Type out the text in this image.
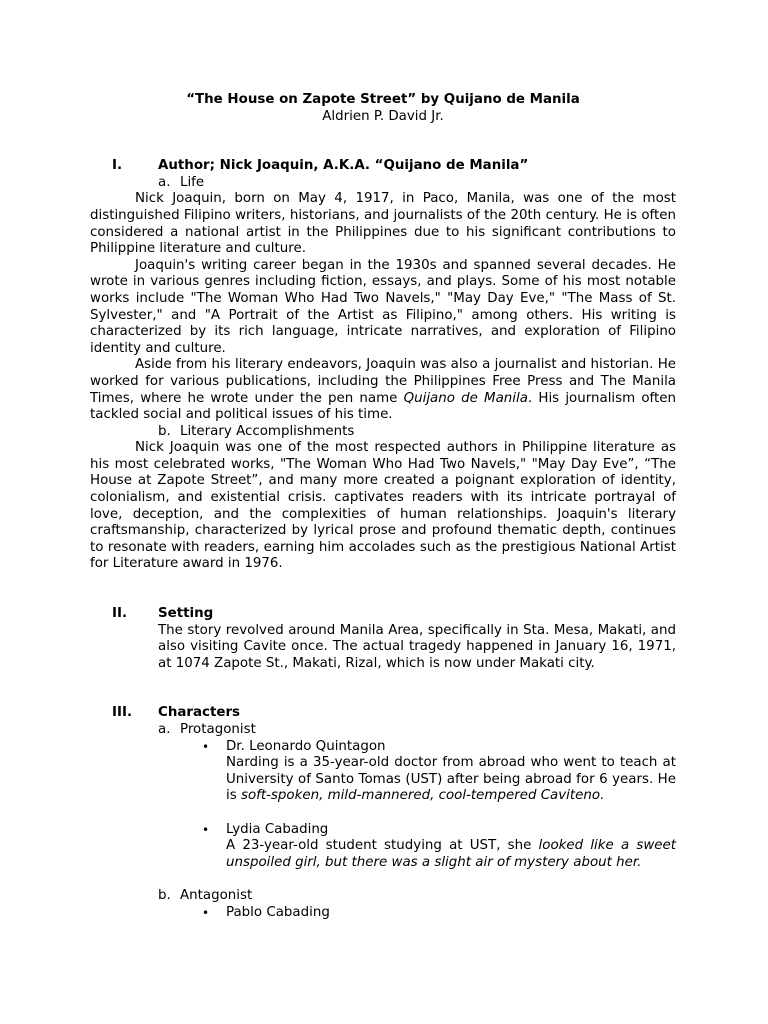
“The House on Zapote Street” by Quijano de Manila
Aldrien P. David Jr.
I.	Author; Nick Joaquin, A.K.A. “Quijano de Manila”
a. Life

Nick Joaquin, born on May 4, 1917, in Paco, Manila, was one of the most distinguished Filipino writers, historians, and journalists of the 20th century. He is often considered a national artist in the Philippines due to his significant contributions to Philippine literature and culture.

Joaquin's writing career began in the 1930s and spanned several decades. He wrote in various genres including fiction, essays, and plays. Some of his most notable works include "The Woman Who Had Two Navels," "May Day Eve," "The Mass of St. Sylvester," and "A Portrait of the Artist as Filipino," among others. His writing is characterized by its rich language, intricate narratives, and exploration of Filipino identity and culture.

Aside from his literary endeavors, Joaquin was also a journalist and historian. He worked for various publications, including the Philippines Free Press and The Manila Times, where he wrote under the pen name Quijano de Manila. His journalism often tackled social and political issues of his time.

b. Literary Accomplishments

Nick Joaquin was one of the most respected authors in Philippine literature as his most celebrated works, "The Woman Who Had Two Navels," "May Day Eve”, “The House at Zapote Street”, and many more created a poignant exploration of identity, colonialism, and existential crisis. captivates readers with its intricate portrayal of love, deception, and the complexities of human relationships. Joaquin's literary craftsmanship, characterized by lyrical prose and profound thematic depth, continues to resonate with readers, earning him accolades such as the prestigious National Artist for Literature award in 1976.

II.	Setting

The story revolved around Manila Area, specifically in Sta. Mesa, Makati, and also visiting Cavite once. The actual tragedy happened in January 16, 1971, at 1074 Zapote St., Makati, Rizal, which is now under Makati city.

III.	Characters
a. Protagonist
•	Dr. Leonardo Quintagon
Narding is a 35-year-old doctor from abroad who went to teach at University of Santo Tomas (UST) after being abroad for 6 years. He is soft-spoken, mild-mannered, cool-tempered Caviteno.
•	Lydia Cabading
A 23-year-old student studying at UST, she looked like a sweet unspoiled girl, but there was a slight air of mystery about her.
b. Antagonist
•	Pablo Cabading
